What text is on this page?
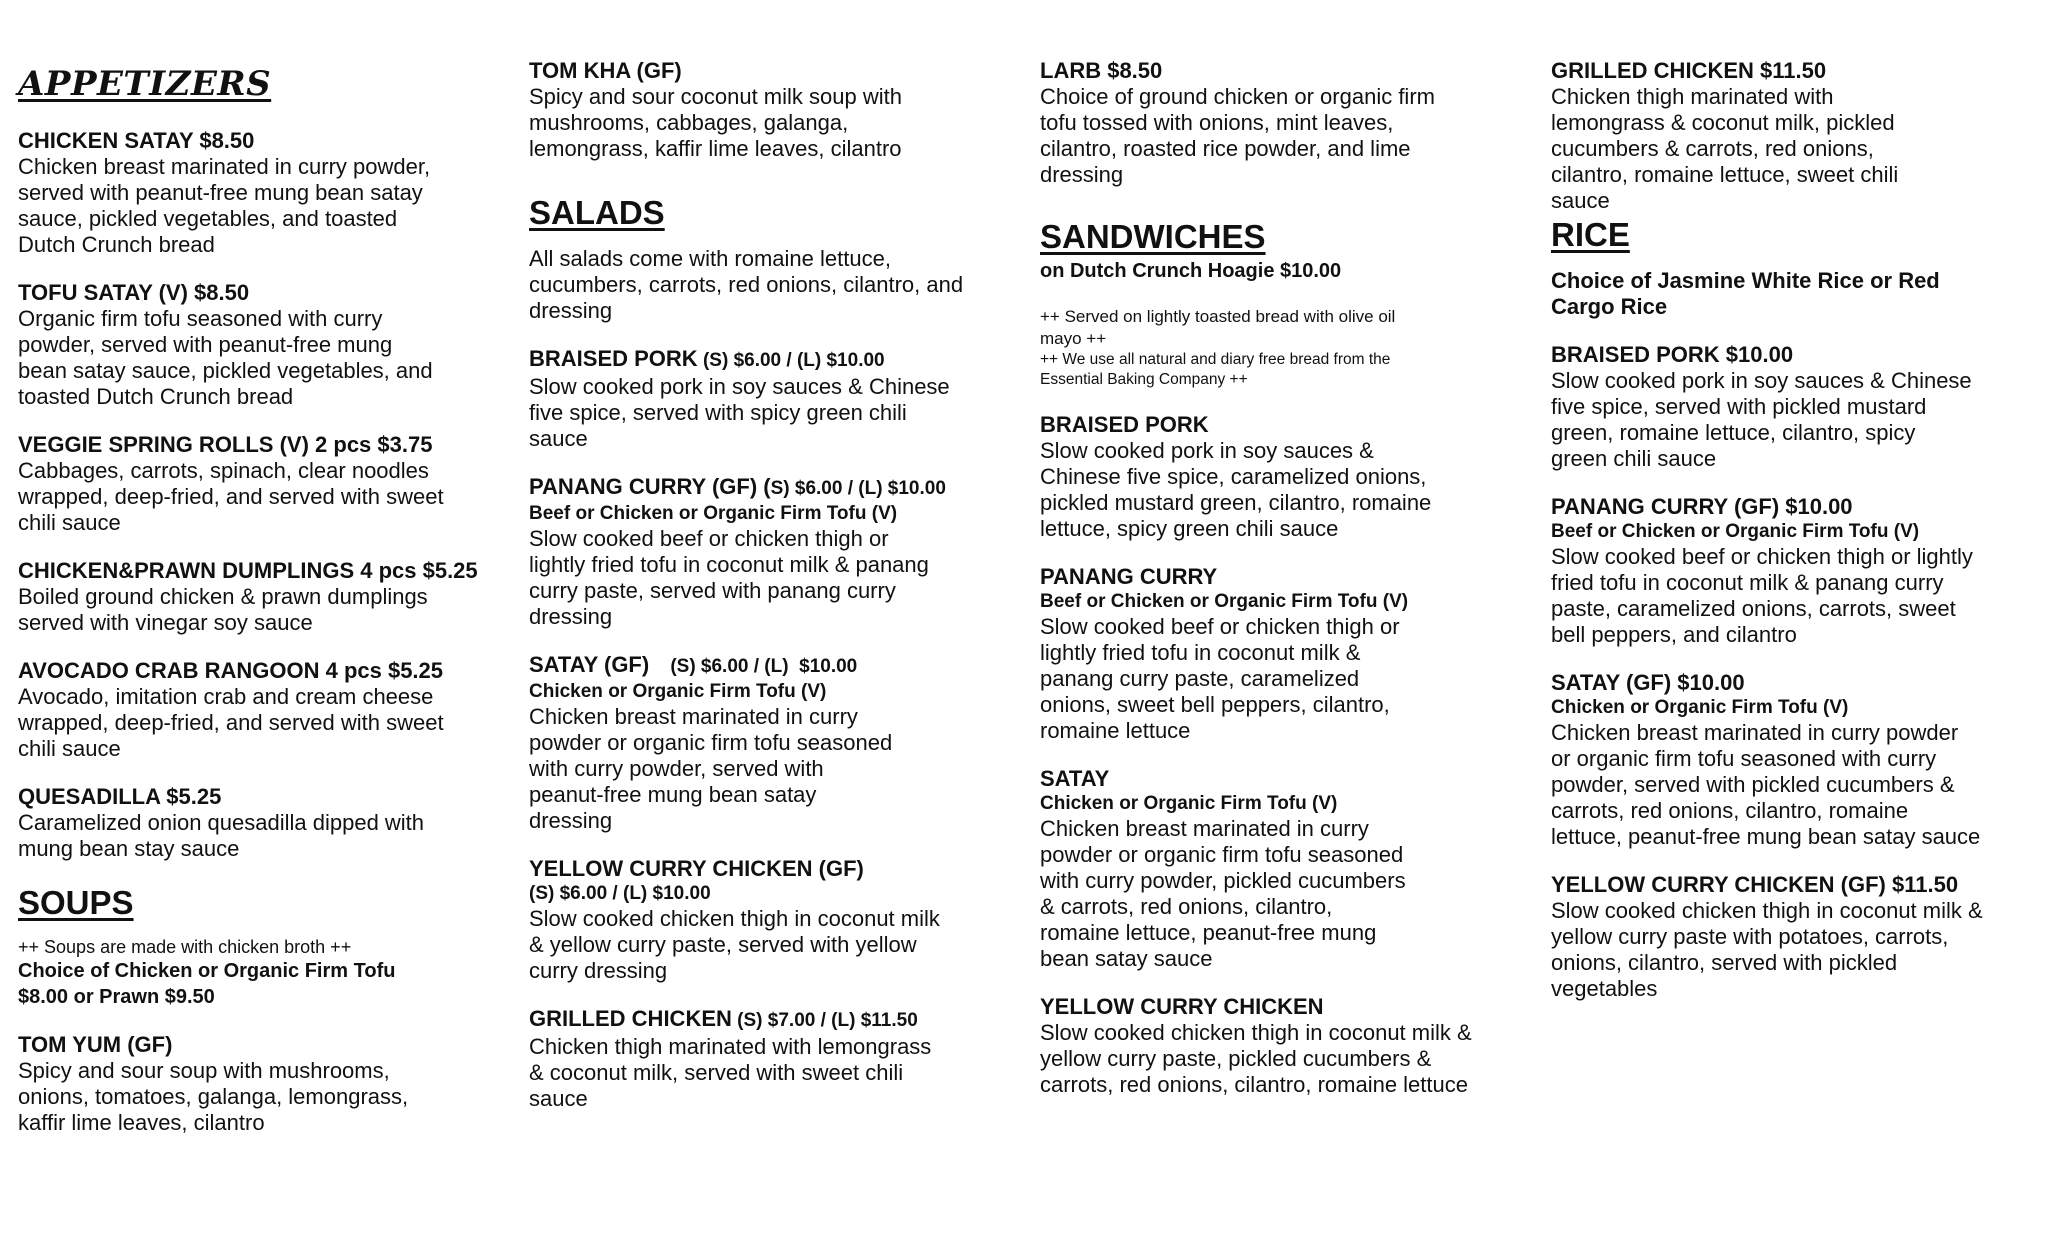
APPETIZERS
CHICKEN SATAY $8.50
Chicken breast marinated in curry powder,
served with peanut-free mung bean satay
sauce, pickled vegetables, and toasted
Dutch Crunch bread
TOFU SATAY (V) $8.50
Organic firm tofu seasoned with curry
powder, served with peanut-free mung
bean satay sauce, pickled vegetables, and
toasted Dutch Crunch bread
VEGGIE SPRING ROLLS (V) 2 pcs $3.75
Cabbages, carrots, spinach, clear noodles
wrapped, deep-fried, and served with sweet
chili sauce
CHICKEN&PRAWN DUMPLINGS 4 pcs $5.25
Boiled ground chicken & prawn dumplings
served with vinegar soy sauce
AVOCADO CRAB RANGOON 4 pcs $5.25
Avocado, imitation crab and cream cheese
wrapped, deep-fried, and served with sweet
chili sauce
QUESADILLA $5.25
Caramelized onion quesadilla dipped with
mung bean stay sauce
SOUPS
++ Soups are made with chicken broth ++
Choice of Chicken or Organic Firm Tofu
$8.00 or Prawn $9.50
TOM YUM (GF)
Spicy and sour soup with mushrooms,
onions, tomatoes, galanga, lemongrass,
kaffir lime leaves, cilantro
TOM KHA (GF)
Spicy and sour coconut milk soup with
mushrooms, cabbages, galanga,
lemongrass, kaffir lime leaves, cilantro
SALADS
All salads come with romaine lettuce,
cucumbers, carrots, red onions, cilantro, and
dressing
BRAISED PORK (S) $6.00 / (L) $10.00
Slow cooked pork in soy sauces & Chinese
five spice, served with spicy green chili
sauce
PANANG CURRY (GF) (S) $6.00 / (L) $10.00
Beef or Chicken or Organic Firm Tofu (V)
Slow cooked beef or chicken thigh or
lightly fried tofu in coconut milk & panang
curry paste, served with panang curry
dressing
SATAY (GF)    (S) $6.00 / (L)  $10.00
Chicken or Organic Firm Tofu (V)
Chicken breast marinated in curry
powder or organic firm tofu seasoned
with curry powder, served with
peanut-free mung bean satay
dressing
YELLOW CURRY CHICKEN (GF)
(S) $6.00 / (L) $10.00
Slow cooked chicken thigh in coconut milk
& yellow curry paste, served with yellow
curry dressing
GRILLED CHICKEN (S) $7.00 / (L) $11.50
Chicken thigh marinated with lemongrass
& coconut milk, served with sweet chili
sauce
LARB $8.50
Choice of ground chicken or organic firm
tofu tossed with onions, mint leaves,
cilantro, roasted rice powder, and lime
dressing
SANDWICHES
on Dutch Crunch Hoagie $10.00
++ Served on lightly toasted bread with olive oil
mayo ++
++ We use all natural and diary free bread from the
Essential Baking Company ++
BRAISED PORK
Slow cooked pork in soy sauces &
Chinese five spice, caramelized onions,
pickled mustard green, cilantro, romaine
lettuce, spicy green chili sauce
PANANG CURRY
Beef or Chicken or Organic Firm Tofu (V)
Slow cooked beef or chicken thigh or
lightly fried tofu in coconut milk &
panang curry paste, caramelized
onions, sweet bell peppers, cilantro,
romaine lettuce
SATAY
Chicken or Organic Firm Tofu (V)
Chicken breast marinated in curry
powder or organic firm tofu seasoned
with curry powder, pickled cucumbers
& carrots, red onions, cilantro,
romaine lettuce, peanut-free mung
bean satay sauce
YELLOW CURRY CHICKEN
Slow cooked chicken thigh in coconut milk &
yellow curry paste, pickled cucumbers &
carrots, red onions, cilantro, romaine lettuce
GRILLED CHICKEN $11.50
Chicken thigh marinated with
lemongrass & coconut milk, pickled
cucumbers & carrots, red onions,
cilantro, romaine lettuce, sweet chili
sauce
RICE
Choice of Jasmine White Rice or Red
Cargo Rice
BRAISED PORK $10.00
Slow cooked pork in soy sauces & Chinese
five spice, served with pickled mustard
green, romaine lettuce, cilantro, spicy
green chili sauce
PANANG CURRY (GF) $10.00
Beef or Chicken or Organic Firm Tofu (V)
Slow cooked beef or chicken thigh or lightly
fried tofu in coconut milk & panang curry
paste, caramelized onions, carrots, sweet
bell peppers, and cilantro
SATAY (GF) $10.00
Chicken or Organic Firm Tofu (V)
Chicken breast marinated in curry powder
or organic firm tofu seasoned with curry
powder, served with pickled cucumbers &
carrots, red onions, cilantro, romaine
lettuce, peanut-free mung bean satay sauce
YELLOW CURRY CHICKEN (GF) $11.50
Slow cooked chicken thigh in coconut milk &
yellow curry paste with potatoes, carrots,
onions, cilantro, served with pickled
vegetables
